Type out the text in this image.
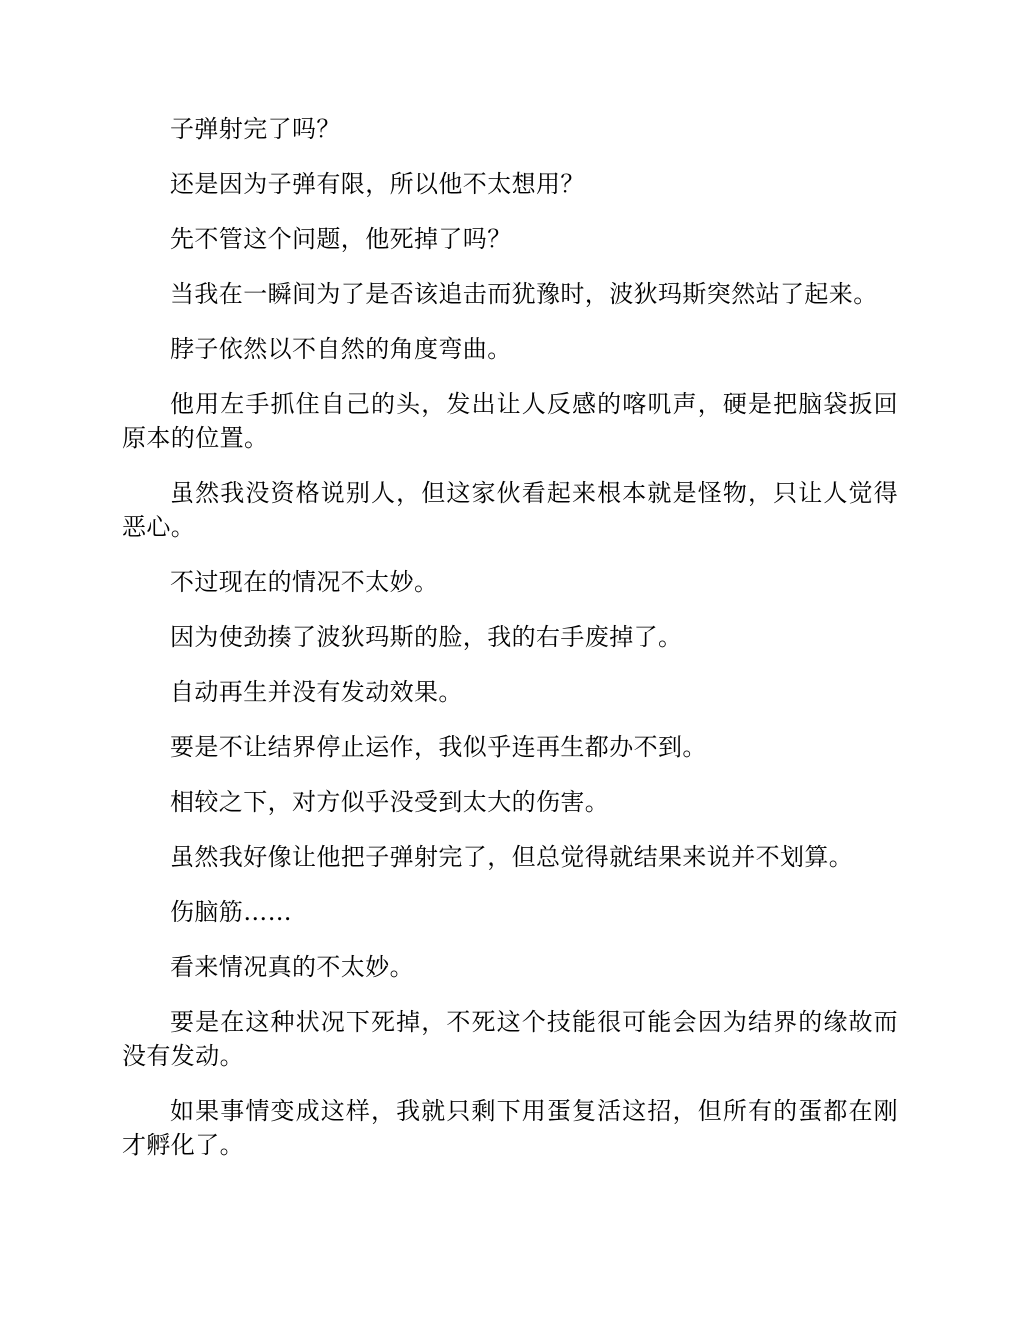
子弹射完了吗？

还是因为子弹有限，所以他不太想用？

先不管这个问题，他死掉了吗？

当我在一瞬间为了是否该追击而犹豫时，波狄玛斯突然站了起来。

脖子依然以不自然的角度弯曲。

他用左手抓住自己的头，发出让人反感的喀叽声，硬是把脑袋扳回原本的位置。

虽然我没资格说别人，但这家伙看起来根本就是怪物，只让人觉得恶心。

不过现在的情况不太妙。

因为使劲揍了波狄玛斯的脸，我的右手废掉了。

自动再生并没有发动效果。

要是不让结界停止运作，我似乎连再生都办不到。

相较之下，对方似乎没受到太大的伤害。

虽然我好像让他把子弹射完了，但总觉得就结果来说并不划算。

伤脑筋……

看来情况真的不太妙。

要是在这种状况下死掉，不死这个技能很可能会因为结界的缘故而没有发动。

如果事情变成这样，我就只剩下用蛋复活这招，但所有的蛋都在刚才孵化了。
